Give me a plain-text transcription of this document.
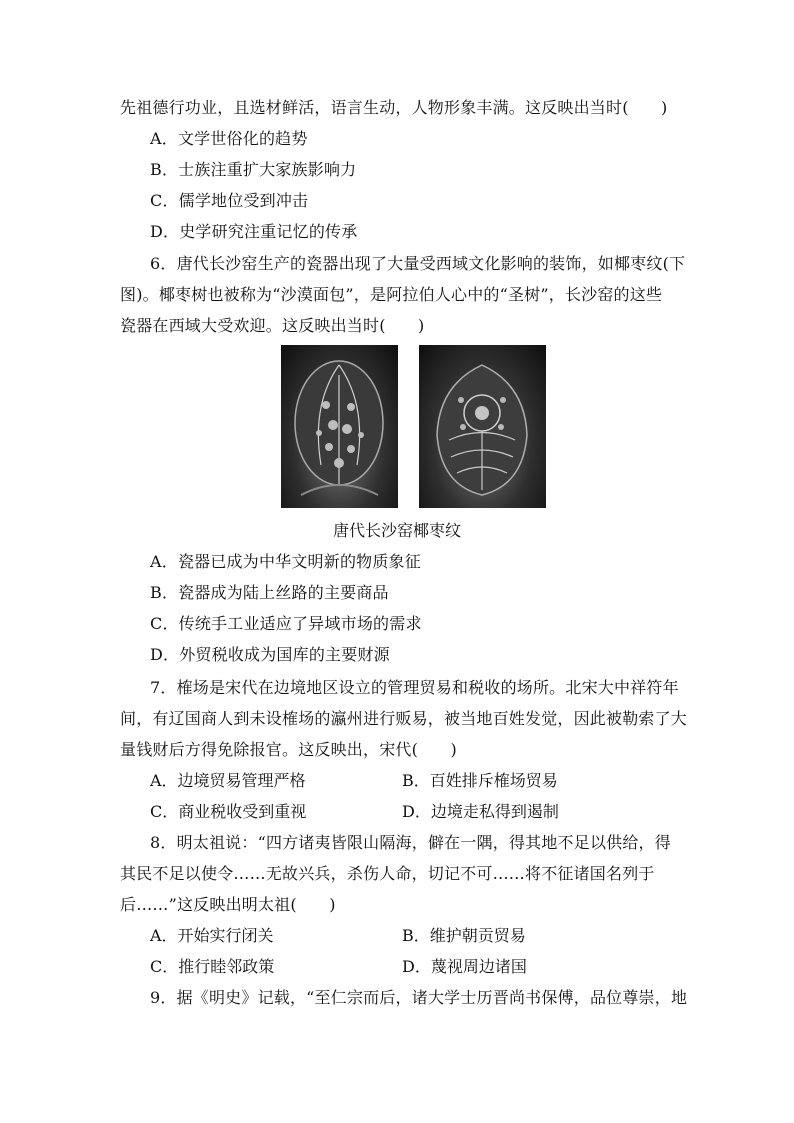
先祖德行功业，且选材鲜活，语言生动，人物形象丰满。这反映出当时(　　)
A．文学世俗化的趋势
B．士族注重扩大家族影响力
C．儒学地位受到冲击
D．史学研究注重记忆的传承
6．唐代长沙窑生产的瓷器出现了大量受西域文化影响的装饰，如椰枣纹(下
图)。椰枣树也被称为“沙漠面包”，是阿拉伯人心中的“圣树”，长沙窑的这些
瓷器在西域大受欢迎。这反映出当时(　　)
唐代长沙窑椰枣纹
A．瓷器已成为中华文明新的物质象征
B．瓷器成为陆上丝路的主要商品
C．传统手工业适应了异域市场的需求
D．外贸税收成为国库的主要财源
7．榷场是宋代在边境地区设立的管理贸易和税收的场所。北宋大中祥符年
间，有辽国商人到未设榷场的瀛州进行贩易，被当地百姓发觉，因此被勒索了大
量钱财后方得免除报官。这反映出，宋代(　　)
A．边境贸易管理严格	B．百姓排斥榷场贸易
C．商业税收受到重视	D．边境走私得到遏制
8．明太祖说：“四方诸夷皆限山隔海，僻在一隅，得其地不足以供给，得
其民不足以使令……无故兴兵，杀伤人命，切记不可……将不征诸国名列于
后……”这反映出明太祖(　　)
A．开始实行闭关	B．维护朝贡贸易
C．推行睦邻政策	D．蔑视周边诸国
9．据《明史》记载，“至仁宗而后，诸大学士历晋尚书保傅，品位尊崇，地
